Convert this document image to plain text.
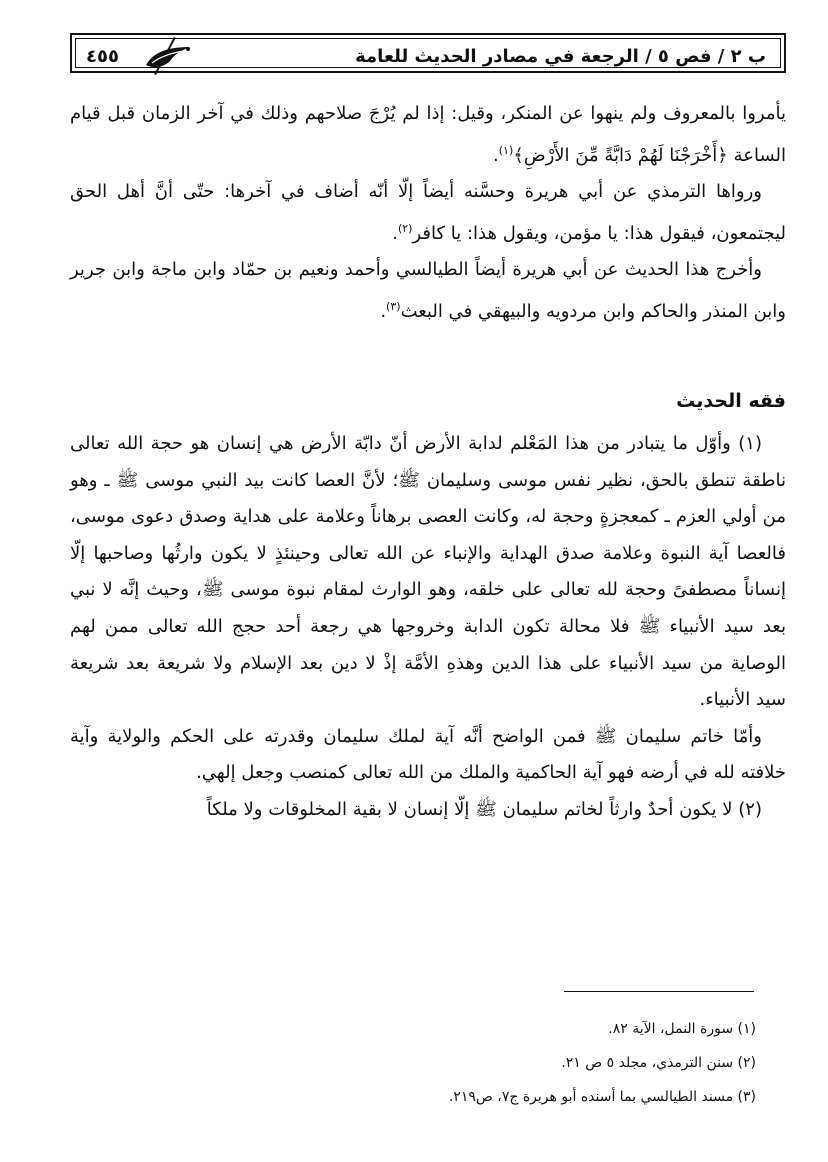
ب ٢ / فص ٥ / الرجعة في مصادر الحديث للعامة
٤٥٥

يأمروا بالمعروف ولم ينهوا عن المنكر، وقيل: إذا لم يُرْجَ صلاحهم وذلك في آخر الزمان قبل قيام الساعة ﴿أَخْرَجْنَا لَهُمْ دَابَّةً مِّنَ الأَرْضِ﴾$^{(١)}$.

ورواها الترمذي عن أبي هريرة وحسَّنه أيضاً إلّا أنّه أضاف في آخرها: حتّى أنَّ أهل الحق ليجتمعون، فيقول هذا: يا مؤمن، ويقول هذا: يا كافر$^{(٢)}$.

وأخرج هذا الحديث عن أبي هريرة أيضاً الطيالسي وأحمد ونعيم بن حمّاد وابن ماجة وابن جرير وابن المنذر والحاكم وابن مردويه والبيهقي في البعث$^{(٣)}$.

فقه الحديث

(١) وأوّل ما يتبادر من هذا المَعْلم لدابة الأرض أنّ دابّة الأرض هي إنسان هو حجة الله تعالى ناطقة تنطق بالحق، نظير نفس موسى وسليمان ﷺ؛ لأنَّ العصا كانت بيد النبي موسى ﷺ ـ وهو من أولي العزم ـ كمعجزةٍ وحجة له، وكانت العصى برهاناً وعلامة على هداية وصدق دعوى موسى، فالعصا آية النبوة وعلامة صدق الهداية والإنباء عن الله تعالى وحينئذٍ لا يكون وارثُها وصاحبها إلّا إنساناً مصطفىً وحجة لله تعالى على خلقه، وهو الوارث لمقام نبوة موسى ﷺ، وحيث إنَّه لا نبي بعد سيد الأنبياء ﷺ فلا محالة تكون الدابة وخروجها هي رجعة أحد حجج الله تعالى ممن لهم الوصاية من سيد الأنبياء على هذا الدين وهذهِ الأمَّة إذْ لا دين بعد الإسلام ولا شريعة بعد شريعة سيد الأنبياء.

وأمّا خاتم سليمان ﷺ فمن الواضح أنَّه آية لملك سليمان وقدرته على الحكم والولاية وآية خلافته لله في أرضه فهو آية الحاكمية والملك من الله تعالى كمنصب وجعل إلهي.

(٢) لا يكون أحدٌ وارثاً لخاتم سليمان ﷺ إلّا إنسان لا بقية المخلوقات ولا ملكاً

(١) سورة النمل، الآية ٨٢.
(٢) سنن الترمذي، مجلد ٥ ص ٢١.
(٣) مسند الطيالسي بما أسنده أبو هريرة ج٧، ص٢١٩.
